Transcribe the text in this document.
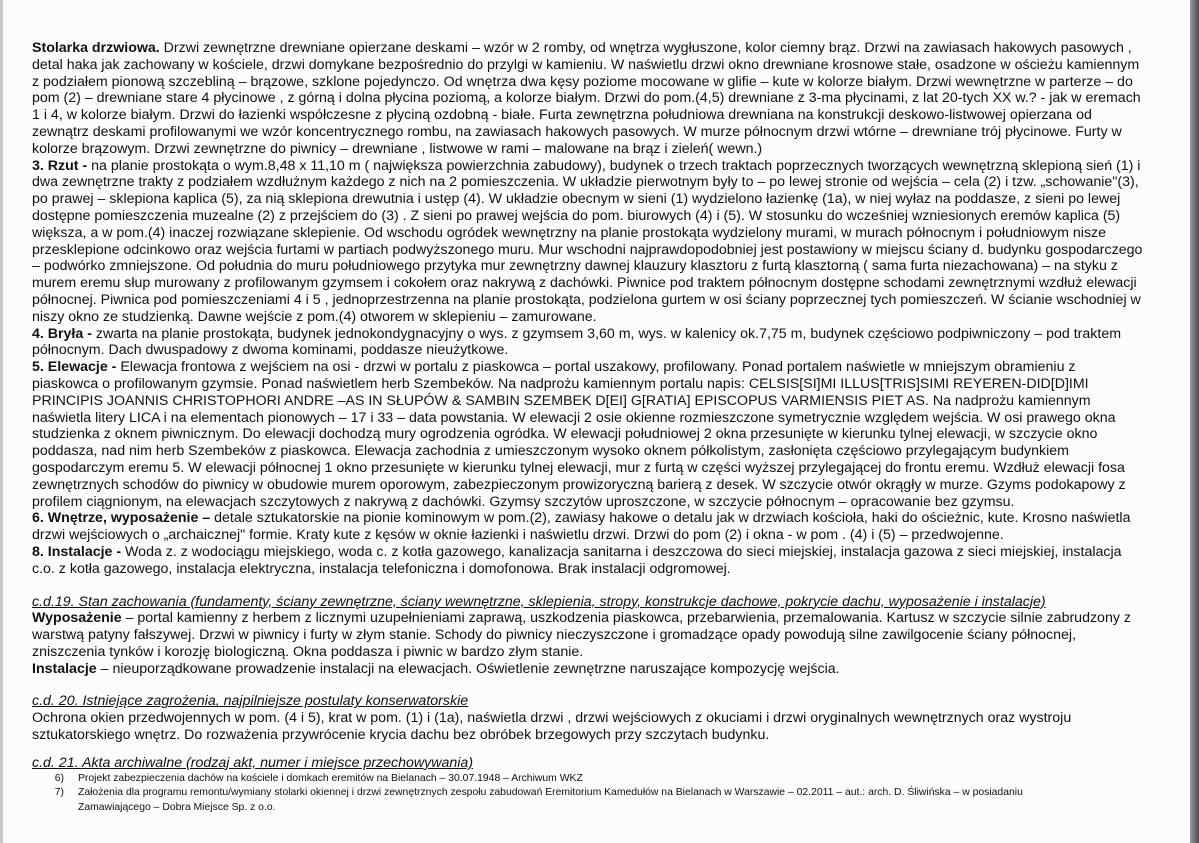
Stolarka drzwiowa. Drzwi zewnętrzne drewniane opierzane deskami – wzór w 2 romby, od wnętrza wygłuszone, kolor ciemny brąz. Drzwi na zawiasach hakowych pasowych ,
detal haka jak zachowany w kościele, drzwi domykane bezpośrednio do przylgi w kamieniu. W naświetlu drzwi okno drewniane krosnowe stałe, osadzone w ościeżu kamiennym
z podziałem pionową szczebliną – brązowe, szklone pojedynczo. Od wnętrza dwa kęsy poziome mocowane w glifie – kute w kolorze białym. Drzwi wewnętrzne w parterze – do
pom (2) – drewniane stare 4 płycinowe , z górną i dolna płycina poziomą, a kolorze białym. Drzwi do pom.(4,5) drewniane z 3-ma płycinami, z lat 20-tych XX w.? - jak w eremach
1 i 4, w kolorze białym. Drzwi do łazienki współczesne z płyciną ozdobną - białe. Furta zewnętrzna południowa drewniana na konstrukcji deskowo-listwowej opierzana od
zewnątrz deskami profilowanymi we wzór koncentrycznego rombu, na zawiasach hakowych pasowych. W murze północnym drzwi wtórne – drewniane trój płycinowe. Furty w
kolorze brązowym. Drzwi zewnętrzne do piwnicy – drewniane , listwowe w rami – malowane na brąz i zieleń( wewn.)
3. Rzut - na planie prostokąta o wym.8,48 x 11,10 m ( największa powierzchnia zabudowy), budynek o trzech traktach poprzecznych tworzących wewnętrzną sklepioną sień (1) i
dwa zewnętrzne trakty z podziałem wzdłużnym każdego z nich na 2 pomieszczenia. W układzie pierwotnym były to – po lewej stronie od wejścia – cela (2) i tzw. „schowanie"(3),
po prawej – sklepiona kaplica (5), za nią sklepiona drewutnia i ustęp (4). W układzie obecnym w sieni (1) wydzielono łazienkę (1a), w niej wyłaz na poddasze, z sieni po lewej
dostępne pomieszczenia muzealne (2) z przejściem do (3) . Z sieni po prawej wejścia do pom. biurowych (4) i (5). W stosunku do wcześniej wzniesionych eremów kaplica (5)
większa, a w pom.(4) inaczej rozwiązane sklepienie. Od wschodu ogródek wewnętrzny na planie prostokąta wydzielony murami, w murach północnym i południowym nisze
przesklepione odcinkowo oraz wejścia furtami w partiach podwyższonego muru. Mur wschodni najprawdopodobniej jest postawiony w miejscu ściany d. budynku gospodarczego
– podwórko zmniejszone. Od południa do muru południowego przytyka mur zewnętrzny dawnej klauzury klasztoru z furtą klasztorną ( sama furta niezachowana) – na styku z
murem eremu słup murowany z profilowanym gzymsem i cokołem oraz nakrywą z dachówki. Piwnice pod traktem północnym dostępne schodami zewnętrznymi wzdłuż elewacji
północnej. Piwnica pod pomieszczeniami 4 i 5 , jednoprzestrzenna na planie prostokąta, podzielona gurtem w osi ściany poprzecznej tych pomieszczeń. W ścianie wschodniej w
niszy okno ze studzienką. Dawne wejście z pom.(4) otworem w sklepieniu – zamurowane.
4. Bryła - zwarta na planie prostokąta, budynek jednokondygnacyjny o wys. z gzymsem 3,60 m, wys. w kalenicy ok.7,75 m, budynek częściowo podpiwniczony – pod traktem
północnym. Dach dwuspadowy z dwoma kominami, poddasze nieużytkowe.
5. Elewacje - Elewacja frontowa z wejściem na osi - drzwi w portalu z piaskowca – portal uszakowy, profilowany. Ponad portalem naświetle w mniejszym obramieniu z
piaskowca o profilowanym gzymsie. Ponad naświetlem herb Szembeków. Na nadprożu kamiennym portalu napis: CELSIS[SI]MI ILLUS[TRIS]SIMI REYEREN-DID[D]IMI
PRINCIPIS JOANNIS CHRISTOPHORI ANDRE –AS IN SŁUPÓW & SAMBIN SZEMBEK D[EI] G[RATIA] EPISCOPUS VARMIENSIS PIET AS. Na nadprożu kamiennym
naświetla litery LICA i na elementach pionowych – 17 i 33 – data powstania. W elewacji 2 osie okienne rozmieszczone symetrycznie względem wejścia. W osi prawego okna
studzienka z oknem piwnicznym. Do elewacji dochodzą mury ogrodzenia ogródka. W elewacji południowej 2 okna przesunięte w kierunku tylnej elewacji, w szczycie okno
poddasza, nad nim herb Szembeków z piaskowca. Elewacja zachodnia z umieszczonym wysoko oknem półkolistym, zasłonięta częściowo przylegającym budynkiem
gospodarczym eremu 5. W elewacji północnej 1 okno przesunięte w kierunku tylnej elewacji, mur z furtą w części wyższej przylegającej do frontu eremu. Wzdłuż elewacji fosa
zewnętrznych schodów do piwnicy w obudowie murem oporowym, zabezpieczonym prowizoryczną barierą z desek. W szczycie otwór okrągły w murze. Gzyms podokapowy z
profilem ciągnionym, na elewacjach szczytowych z nakrywą z dachówki. Gzymsy szczytów uproszczone, w szczycie północnym – opracowanie bez gzymsu.
6. Wnętrze, wyposażenie – detale sztukatorskie na pionie kominowym w pom.(2), zawiasy hakowe o detalu jak w drzwiach kościoła, haki do ościeżnic, kute. Krosno naświetla
drzwi wejściowych o „archaicznej" formie. Kraty kute z kęsów w oknie łazienki i naświetlu drzwi. Drzwi do pom (2) i okna - w pom . (4) i (5) – przedwojenne.
8. Instalacje - Woda z. z wodociągu miejskiego, woda c. z kotła gazowego, kanalizacja sanitarna i deszczowa do sieci miejskiej, instalacja gazowa z sieci miejskiej, instalacja
c.o. z kotła gazowego, instalacja elektryczna, instalacja telefoniczna i domofonowa. Brak instalacji odgromowej.
c.d.19. Stan zachowania (fundamenty, ściany zewnętrzne, ściany wewnętrzne, sklepienia, stropy, konstrukcje dachowe, pokrycie dachu, wyposażenie i instalacje)
Wyposażenie – portal kamienny z herbem z licznymi uzupełnieniami zaprawą, uszkodzenia piaskowca, przebarwienia, przemalowania. Kartusz w szczycie silnie zabrudzony z
warstwą patyny fałszywej. Drzwi w piwnicy i furty w złym stanie. Schody do piwnicy nieczyszczone i gromadzące opady powodują silne zawilgocenie ściany północnej,
zniszczenia tynków i korozję biologiczną. Okna poddasza i piwnic w bardzo złym stanie.
Instalacje – nieuporządkowane prowadzenie instalacji na elewacjach. Oświetlenie zewnętrzne naruszające kompozycję wejścia.
c.d. 20. Istniejące zagrożenia, najpilniejsze postulaty konserwatorskie
Ochrona okien przedwojennych w pom. (4 i 5), krat w pom. (1) i (1a), naświetla drzwi , drzwi wejściowych z okuciami i drzwi oryginalnych wewnętrznych oraz wystroju
sztukatorskiego wnętrz. Do rozważenia przywrócenie krycia dachu bez obróbek brzegowych przy szczytach budynku.
c.d. 21. Akta archiwalne (rodzaj akt, numer i miejsce przechowywania)
6)	Projekt zabezpieczenia dachów na kościele i domkach eremitów na Bielanach – 30.07.1948 – Archiwum WKZ
7)	Założenia dla programu remontu/wymiany stolarki okiennej i drzwi zewnętrznych zespołu zabudowań Eremitorium Kamedułów na Bielanach w Warszawie – 02.2011 – aut.: arch. D. Śliwińska – w posiadaniu
Zamawiającego – Dobra Miejsce Sp. z o.o.
